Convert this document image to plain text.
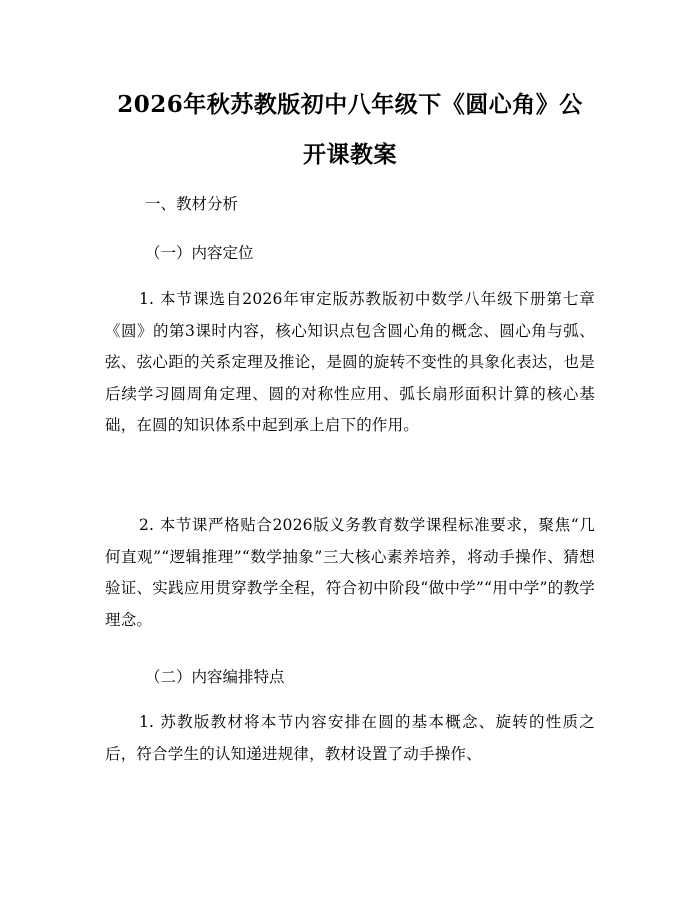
2026年秋苏教版初中八年级下《圆心角》公
开课教案

一、教材分析

（一）内容定位

1. 本节课选自2026年审定版苏教版初中数学八年级下册第七章《圆》的第3课时内容，核心知识点包含圆心角的概念、圆心角与弧、弦、弦心距的关系定理及推论，是圆的旋转不变性的具象化表达，也是后续学习圆周角定理、圆的对称性应用、弧长扇形面积计算的核心基础，在圆的知识体系中起到承上启下的作用。

2. 本节课严格贴合2026版义务教育数学课程标准要求，聚焦“几何直观”“逻辑推理”“数学抽象”三大核心素养培养，将动手操作、猜想验证、实践应用贯穿教学全程，符合初中阶段“做中学”“用中学”的教学理念。

（二）内容编排特点

1. 苏教版教材将本节内容安排在圆的基本概念、旋转的性质之后，符合学生的认知递进规律，教材设置了动手操作、
